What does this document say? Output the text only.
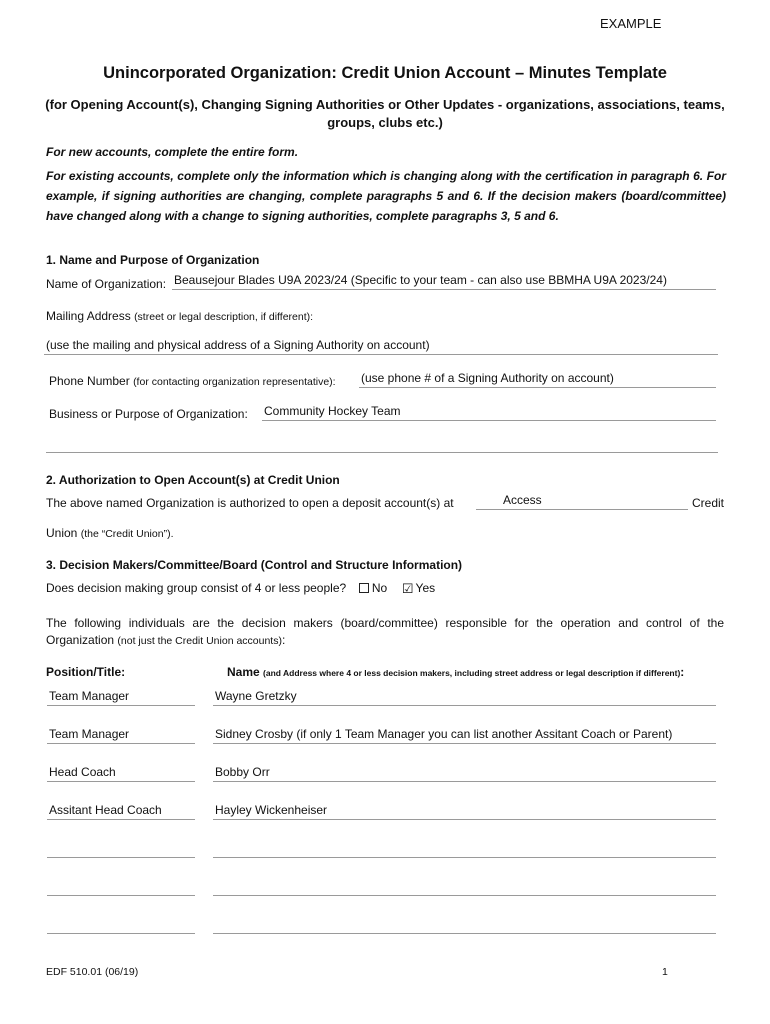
EXAMPLE
Unincorporated Organization: Credit Union Account – Minutes Template
(for Opening Account(s), Changing Signing Authorities or Other Updates - organizations, associations, teams, groups, clubs etc.)
For new accounts, complete the entire form.
For existing accounts, complete only the information which is changing along with the certification in paragraph 6. For example, if signing authorities are changing, complete paragraphs 5 and 6. If the decision makers (board/committee) have changed along with a change to signing authorities, complete paragraphs 3, 5 and 6.
1. Name and Purpose of Organization
Name of Organization: Beausejour Blades U9A 2023/24 (Specific to your team - can also use BBMHA U9A 2023/24)
Mailing Address (street or legal description, if different):
(use the mailing and physical address of a Signing Authority on account)
Phone Number (for contacting organization representative): (use phone # of a Signing Authority on account)
Business or Purpose of Organization: Community Hockey Team
2. Authorization to Open Account(s) at Credit Union
The above named Organization is authorized to open a deposit account(s) at	Access	Credit
Union (the “Credit Union”).
3. Decision Makers/Committee/Board (Control and Structure Information)
Does decision making group consist of 4 or less people? No ☑ Yes
The following individuals are the decision makers (board/committee) responsible for the operation and control of the Organization (not just the Credit Union accounts):
Position/Title:	Name (and Address where 4 or less decision makers, including street address or legal description if different):
Team Manager	Wayne Gretzky
Team Manager	Sidney Crosby (if only 1 Team Manager you can list another Assitant Coach or Parent)
Head Coach	Bobby Orr
Assitant Head Coach	Hayley Wickenheiser
EDF 510.01 (06/19)	1
